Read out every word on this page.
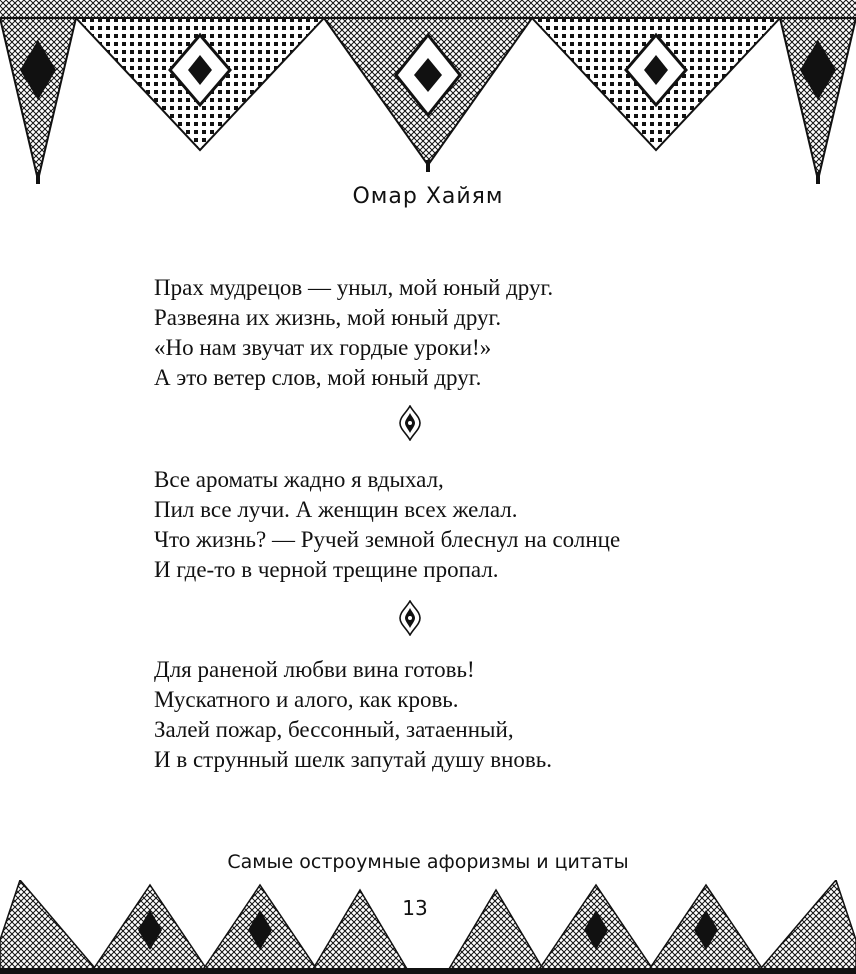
Омар Хайям
Прах мудрецов — уныл, мой юный друг.
Развеяна их жизнь, мой юный друг.
«Но нам звучат их гордые уроки!»
А это ветер слов, мой юный друг.
Все ароматы жадно я вдыхал,
Пил все лучи. А женщин всех желал.
Что жизнь? — Ручей земной блеснул на солнце
И где-то в черной трещине пропал.
Для раненой любви вина готовь!
Мускатного и алого, как кровь.
Залей пожар, бессонный, затаенный,
И в струнный шелк запутай душу вновь.
Самые остроумные афоризмы и цитаты
13
